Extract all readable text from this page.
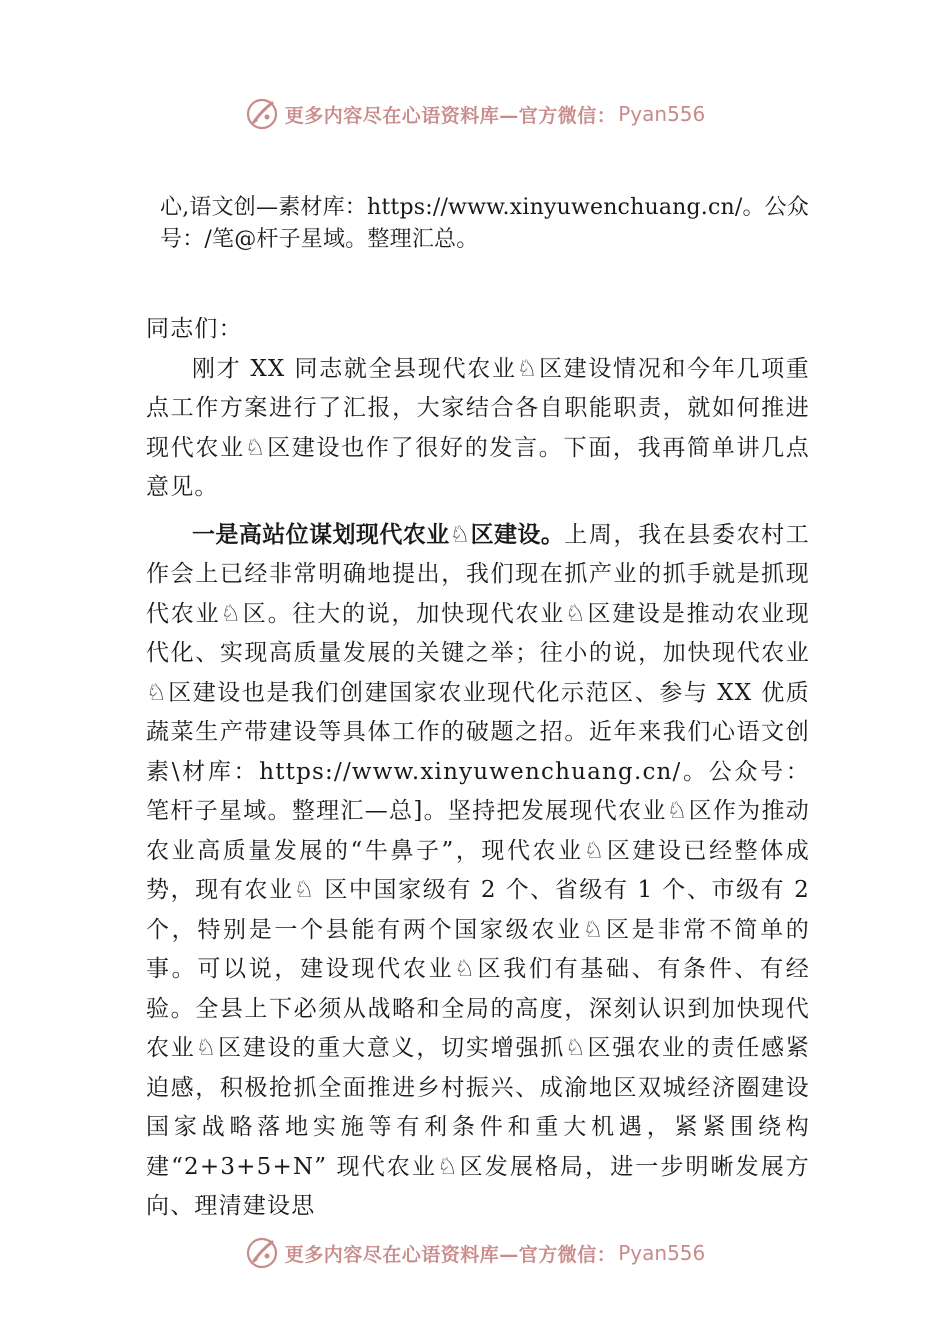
更多内容尽在心语资料库—官方微信： Pyan556
心,语文创—素材库：https://www.xinyuwenchuang.cn/。公众号：/笔@杆子星域。整理汇总。

同志们：

刚才 XX 同志就全县现代农业♘区建设情况和今年几项重点工作方案进行了汇报，大家结合各自职能职责，就如何推进现代农业♘区建设也作了很好的发言。下面，我再简单讲几点意见。

一是高站位谋划现代农业♘区建设。上周，我在县委农村工作会上已经非常明确地提出，我们现在抓产业的抓手就是抓现代农业♘区。往大的说，加快现代农业♘区建设是推动农业现代化、实现高质量发展的关键之举；往小的说，加快现代农业♘区建设也是我们创建国家农业现代化示范区、参与 XX 优质蔬菜生产带建设等具体工作的破题之招。近年来我们心语文创素\材库：https://www.xinyuwenchuang.cn/。公众号：笔杆子星域。整理汇—总]。坚持把发展现代农业♘区作为推动农业高质量发展的“牛鼻子”，现代农业♘区建设已经整体成势，现有农业♘ 区中国家级有 2 个、省级有 1 个、市级有 2 个，特别是一个县能有两个国家级农业♘区是非常不简单的事。可以说，建设现代农业♘区我们有基础、有条件、有经验。全县上下必须从战略和全局的高度，深刻认识到加快现代农业♘区建设的重大意义，切实增强抓♘区强农业的责任感紧迫感，积极抢抓全面推进乡村振兴、成渝地区双城经济圈建设国家战略落地实施等有利条件和重大机遇，紧紧围绕构建“2+3+5+N” 现代农业♘区发展格局，进一步明晰发展方向、理清建设思

更多内容尽在心语资料库—官方微信： Pyan556
